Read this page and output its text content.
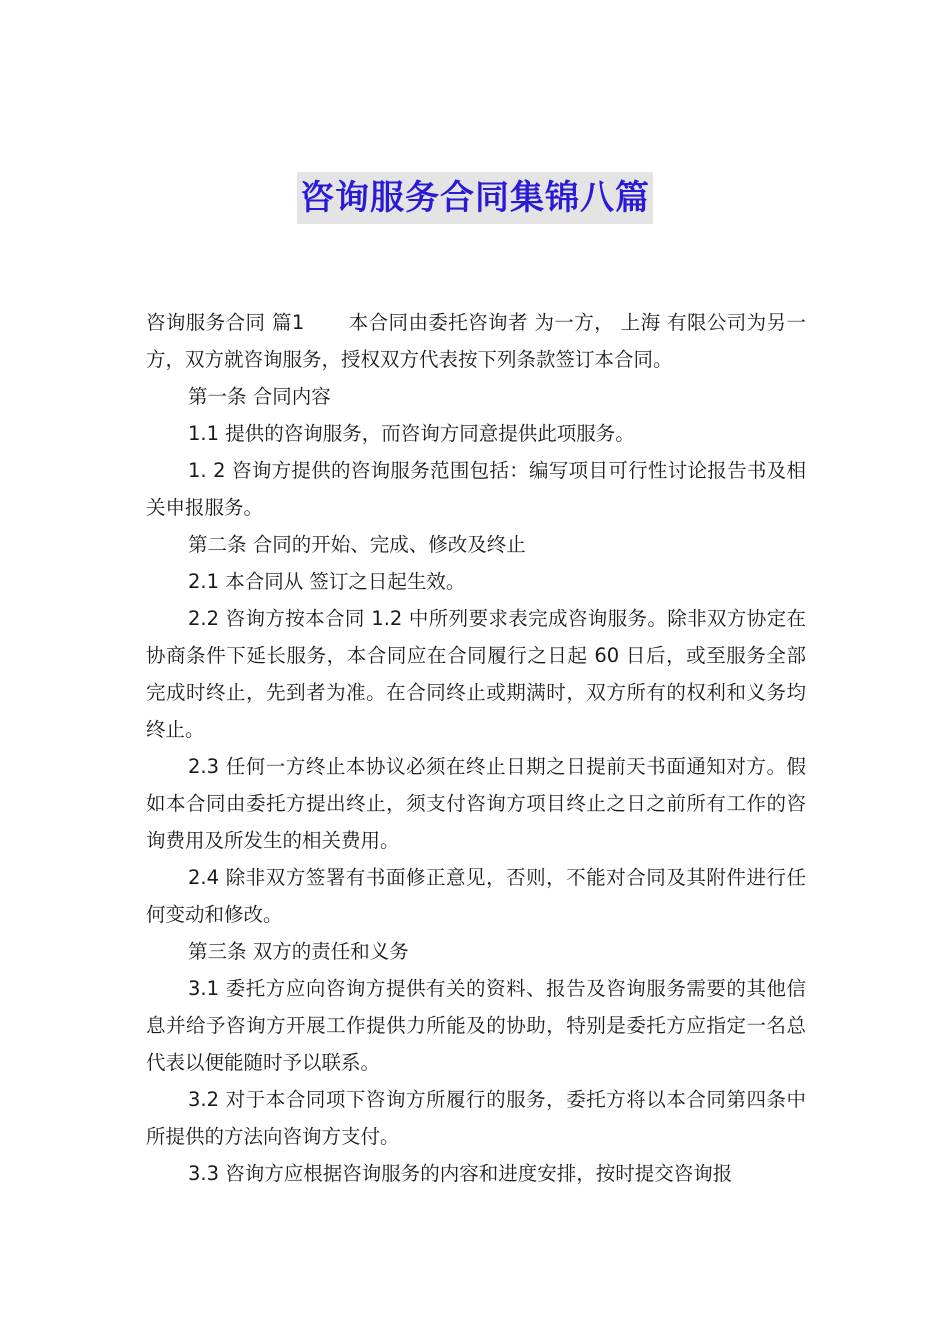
咨询服务合同集锦八篇

咨询服务合同 篇1 本合同由委托咨询者 为一方， 上海 有限公司为另一方，双方就咨询服务，授权双方代表按下列条款签订本合同。

第一条 合同内容

1.1 提供的咨询服务，而咨询方同意提供此项服务。

1. 2 咨询方提供的咨询服务范围包括：编写项目可行性讨论报告书及相关申报服务。

第二条 合同的开始、完成、修改及终止

2.1 本合同从 签订之日起生效。

2.2 咨询方按本合同 1.2 中所列要求表完成咨询服务。除非双方协定在协商条件下延长服务，本合同应在合同履行之日起 60 日后，或至服务全部完成时终止，先到者为准。在合同终止或期满时，双方所有的权利和义务均终止。

2.3 任何一方终止本协议必须在终止日期之日提前天书面通知对方。假如本合同由委托方提出终止，须支付咨询方项目终止之日之前所有工作的咨询费用及所发生的相关费用。

2.4 除非双方签署有书面修正意见，否则，不能对合同及其附件进行任何变动和修改。

第三条 双方的责任和义务

3.1 委托方应向咨询方提供有关的资料、报告及咨询服务需要的其他信息并给予咨询方开展工作提供力所能及的协助，特别是委托方应指定一名总代表以便能随时予以联系。

3.2 对于本合同项下咨询方所履行的服务，委托方将以本合同第四条中所提供的方法向咨询方支付。

3.3 咨询方应根据咨询服务的内容和进度安排，按时提交咨询报
